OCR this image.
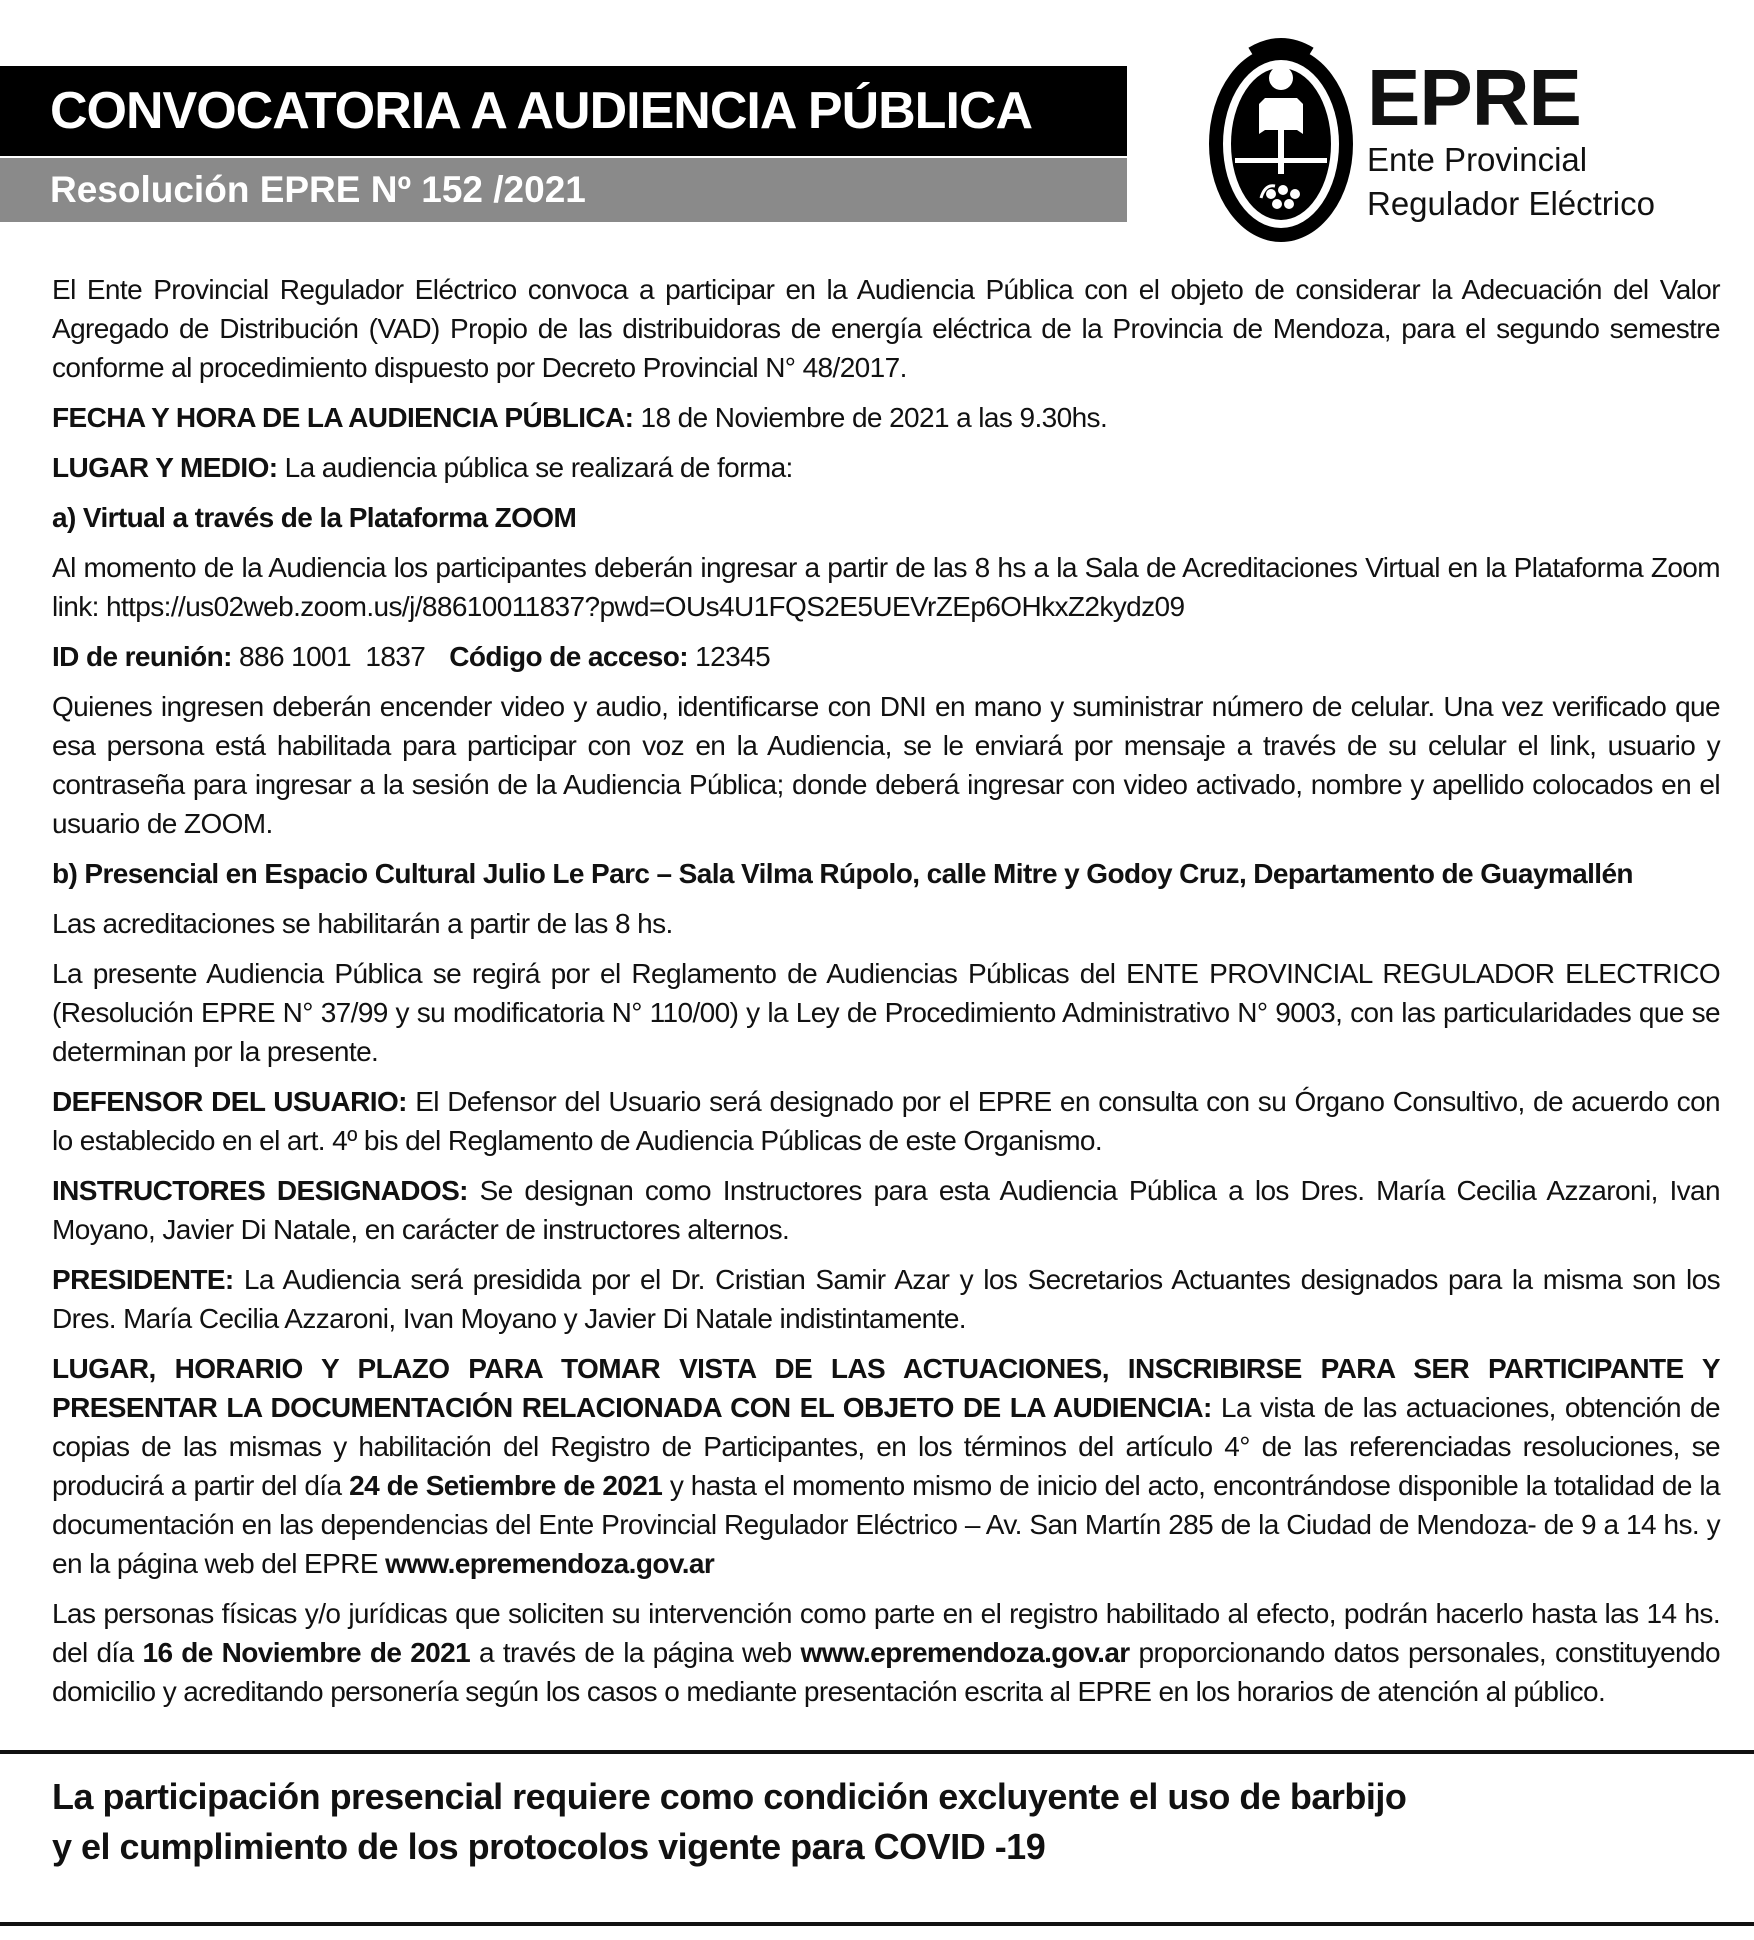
CONVOCATORIA A AUDIENCIA PÚBLICA
Resolución EPRE Nº 152 /2021
EPRE
Ente Provincial
Regulador Eléctrico

El Ente Provincial Regulador Eléctrico convoca a participar en la Audiencia Pública con el objeto de considerar la Adecuación del Valor Agregado de Distribución (VAD) Propio de las distribuidoras de energía eléctrica de la Provincia de Mendoza, para el segundo semestre conforme al procedimiento dispuesto por Decreto Provincial N° 48/2017.

FECHA Y HORA DE LA AUDIENCIA PÚBLICA: 18 de Noviembre de 2021 a las 9.30hs.

LUGAR Y MEDIO: La audiencia pública se realizará de forma:

a) Virtual a través de la Plataforma ZOOM

Al momento de la Audiencia los participantes deberán ingresar a partir de las 8 hs a la Sala de Acreditaciones Virtual en la Plataforma Zoom link: https://us02web.zoom.us/j/88610011837?pwd=OUs4U1FQS2E5UEVrZEp6OHkxZ2kydz09

ID de reunión: 886 1001  1837 Código de acceso: 12345

Quienes ingresen deberán encender video y audio, identificarse con DNI en mano y suministrar número de celular. Una vez verificado que esa persona está habilitada para participar con voz en la Audiencia, se le enviará por mensaje a través de su celular el link, usuario y contraseña para ingresar a la sesión de la Audiencia Pública; donde deberá ingresar con video activado, nombre y apellido colocados en el usuario de ZOOM.

b) Presencial en Espacio Cultural Julio Le Parc – Sala Vilma Rúpolo, calle Mitre y Godoy Cruz, Departamento de Guaymallén

Las acreditaciones se habilitarán a partir de las 8 hs.

La presente Audiencia Pública se regirá por el Reglamento de Audiencias Públicas del ENTE PROVINCIAL REGULADOR ELECTRICO (Resolución EPRE N° 37/99 y su modificatoria N° 110/00) y la Ley de Procedimiento Administrativo N° 9003, con las particularidades que se determinan por la presente.

DEFENSOR DEL USUARIO: El Defensor del Usuario será designado por el EPRE en consulta con su Órgano Consultivo, de acuerdo con lo establecido en el art. 4º bis del Reglamento de Audiencia Públicas de este Organismo.

INSTRUCTORES DESIGNADOS: Se designan como Instructores para esta Audiencia Pública a los Dres. María Cecilia Azzaroni, Ivan Moyano, Javier Di Natale, en carácter de instructores alternos.

PRESIDENTE: La Audiencia será presidida por el Dr. Cristian Samir Azar y los Secretarios Actuantes designados para la misma son los Dres. María Cecilia Azzaroni, Ivan Moyano y Javier Di Natale indistintamente.

LUGAR, HORARIO Y PLAZO PARA TOMAR VISTA DE LAS ACTUACIONES, INSCRIBIRSE PARA SER PARTICIPANTE Y PRESENTAR LA DOCUMENTACIÓN RELACIONADA CON EL OBJETO DE LA AUDIENCIA: La vista de las actuaciones, obtención de copias de las mismas y habilitación del Registro de Participantes, en los términos del artículo 4° de las referenciadas resoluciones, se producirá a partir del día 24 de Setiembre de 2021 y hasta el momento mismo de inicio del acto, encontrándose disponible la totalidad de la documentación en las dependencias del Ente Provincial Regulador Eléctrico – Av. San Martín 285 de la Ciudad de Mendoza- de 9 a 14 hs. y en la página web del EPRE www.epremendoza.gov.ar

Las personas físicas y/o jurídicas que soliciten su intervención como parte en el registro habilitado al efecto, podrán hacerlo hasta las 14 hs. del día 16 de Noviembre de 2021 a través de la página web www.epremendoza.gov.ar proporcionando datos personales, constituyendo domicilio y acreditando personería según los casos o mediante presentación escrita al EPRE en los horarios de atención al público.

La participación presencial requiere como condición excluyente el uso de barbijo
y el cumplimiento de los protocolos vigente para COVID -19
